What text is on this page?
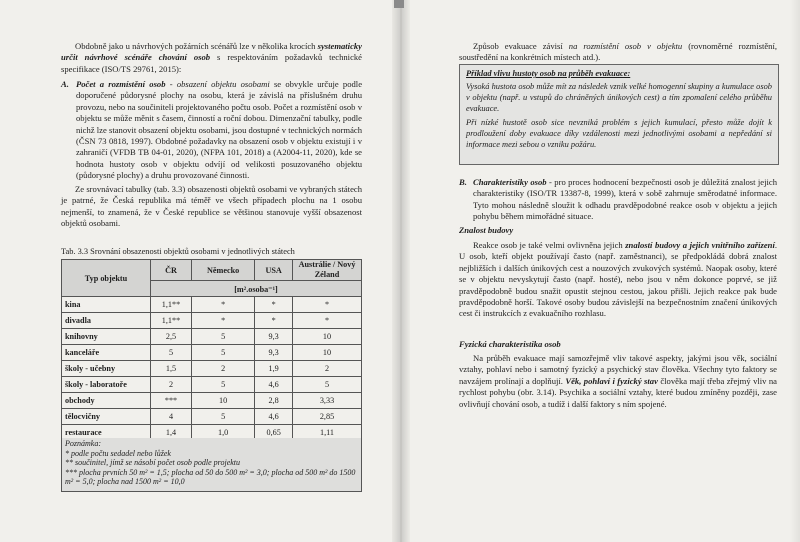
Obdobně jako u návrhových požárních scénářů lze v několika krocích systematicky určit návrhové scénáře chování osob s respektováním požadavků technické specifikace (ISO/TS 29761, 2015):

A. Počet a rozmístění osob - obsazení objektu osobami se obvykle určuje podle doporučené půdorysné plochy na osobu, která je závislá na příslušném druhu provozu, nebo na součiniteli projektovaného počtu osob. Počet a rozmístění osob v objektu se může měnit s časem, činností a roční dobou. Dimenzační tabulky, podle nichž lze stanovit obsazení objektu osobami, jsou dostupné v technických normách (ČSN 73 0818, 1997). Obdobné požadavky na obsazení osob v objektu existují i v zahraničí (VFDB TB 04-01, 2020), (NFPA 101, 2018) a (A2004-11, 2020), kde se hodnota hustoty osob v objektu odvíjí od velikosti posuzovaného objektu (půdorysné plochy) a druhu provozované činnosti.

Ze srovnávací tabulky (tab. 3.3) obsazenosti objektů osobami ve vybraných státech je patrné, že Česká republika má téměř ve všech případech plochu na 1 osobu nejmenší, to znamená, že v České republice se většinou stanovuje vyšší obsazenost objektů osobami.

Tab. 3.3 Srovnání obsazenosti objektů osobami v jednotlivých státech

Typ objektu	ČR	Německo	USA	Austrálie / Nový Zéland
	[m².osoba⁻¹]			
kina	1,1**	*	*	*
divadla	1,1**	*	*	*
knihovny	2,5	5	9,3	10
kanceláře	5	5	9,3	10
školy - učebny	1,5	2	1,9	2
školy - laboratoře	2	5	4,6	5
obchody	***	10	2,8	3,33
tělocvičny	4	5	4,6	2,85
restaurace	1,4	1,0	0,65	1,11

Poznámka:

* podle počtu sedadel nebo lůžek

** součinitel, jímž se násobí počet osob podle projektu

*** plocha prvních 50 m² = 1,5; plocha od 50 do 500 m² = 3,0; plocha od 500 m² do 1500 m² = 5,0; plocha nad 1500 m² = 10,0

Způsob evakuace závisí na rozmístění osob v objektu (rovnoměrné rozmístění, soustředění na konkrétních místech atd.).

Příklad vlivu hustoty osob na průběh evakuace:

Vysoká hustota osob může mít za následek vznik velké homogenní skupiny a kumulace osob v objektu (např. u vstupů do chráněných únikových cest) a tím zpomalení celého průběhu evakuace.

Při nízké hustotě osob sice nevzniká problém s jejich kumulací, přesto může dojít k prodloužení doby evakuace díky vzdálenosti mezi jednotlivými osobami a nepředání si informace mezi sebou o vzniku požáru.

B. Charakteristiky osob - pro proces hodnocení bezpečnosti osob je důležitá znalost jejich charakteristiky (ISO/TR 13387-8, 1999), která v sobě zahrnuje směrodatné informace. Tyto mohou následně sloužit k odhadu pravděpodobné reakce osob v objektu a jejich pohybu během mimořádné situace.

Znalost budovy

Reakce osob je také velmi ovlivněna jejich znalostí budovy a jejich vnitřního zařízení. U osob, kteří objekt používají často (např. zaměstnanci), se předpokládá dobrá znalost nejbližších i dalších únikových cest a nouzových zvukových systémů. Naopak osoby, které se v objektu nevyskytují často (např. hosté), nebo jsou v něm dokonce poprvé, se již pravděpodobně budou snažit opustit stejnou cestou, jakou přišli. Jejich reakce pak bude pravděpodobně horší. Takové osoby budou závislejší na bezpečnostním značení únikových cest či instrukcích z evakuačního rozhlasu.

Fyzická charakteristika osob

Na průběh evakuace mají samozřejmě vliv takové aspekty, jakými jsou věk, sociální vztahy, pohlaví nebo i samotný fyzický a psychický stav člověka. Všechny tyto faktory se navzájem prolínají a doplňují. Věk, pohlaví i fyzický stav člověka mají třeba zřejmý vliv na rychlost pohybu (obr. 3.14). Psychika a sociální vztahy, které budou zmíněny později, zase ovlivňují chování osob, a tudíž i další faktory s ním spojené.
